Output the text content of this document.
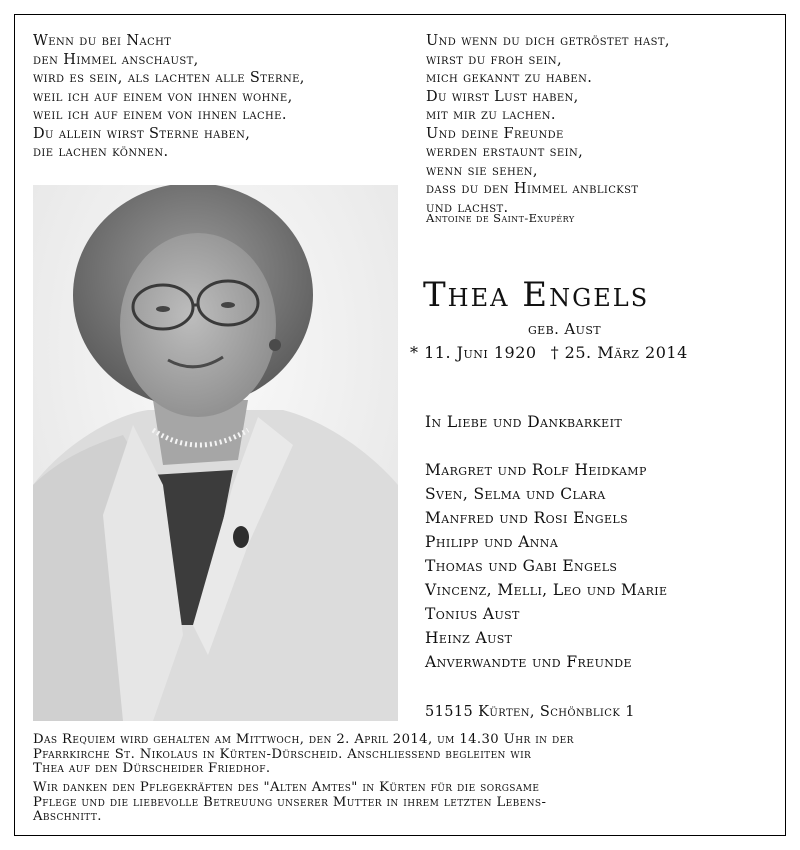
Wenn du bei Nacht
den Himmel anschaust,
wird es sein, als lachten alle Sterne,
weil ich auf einem von ihnen wohne,
weil ich auf einem von ihnen lache.
Du allein wirst Sterne haben,
die lachen können.
Und wenn du dich getröstet hast,
wirst du froh sein,
mich gekannt zu haben.
Du wirst Lust haben,
mit mir zu lachen.
Und deine Freunde
werden erstaunt sein,
wenn sie sehen,
dass du den Himmel anblickst
und lachst.
Antoine de Saint-Exupéry
Thea Engels
geb. Aust
* 11. Juni 1920 † 25. März 2014
In Liebe und Dankbarkeit
Margret und Rolf Heidkamp
Sven, Selma und Clara
Manfred und Rosi Engels
Philipp und Anna
Thomas und Gabi Engels
Vincenz, Melli, Leo und Marie
Tonius Aust
Heinz Aust
Anverwandte und Freunde
51515 Kürten, Schönblick 1
Das Requiem wird gehalten am Mittwoch, den 2. April 2014, um 14.30 Uhr in der
Pfarrkirche St. Nikolaus in Kürten-Dürscheid. Anschliessend begleiten wir
Thea auf den Dürscheider Friedhof.
Wir danken den Pflegekräften des "Alten Amtes" in Kürten für die sorgsame
Pflege und die liebevolle Betreuung unserer Mutter in ihrem letzten Lebens-
Abschnitt.
